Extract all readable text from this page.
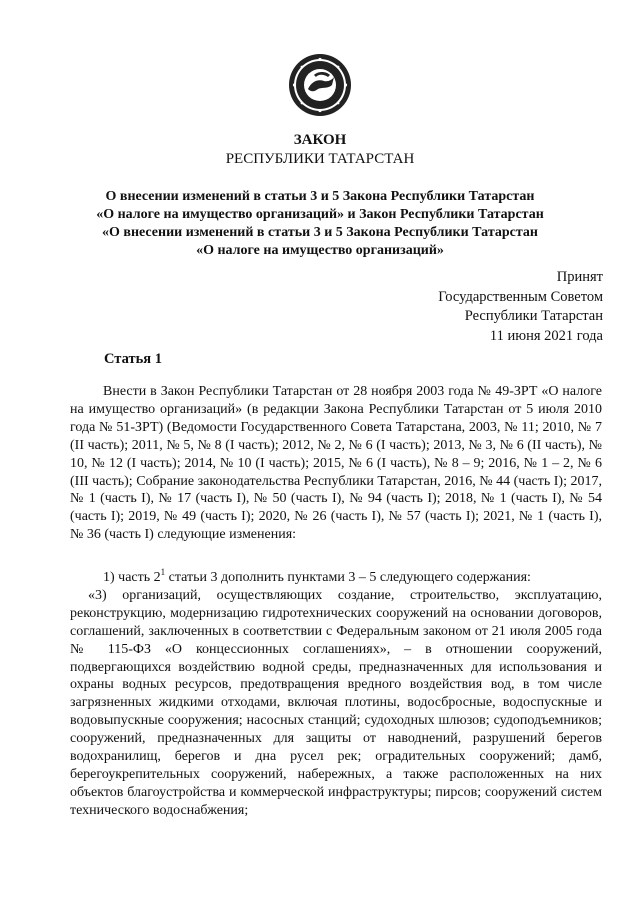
ЗАКОН
РЕСПУБЛИКИ ТАТАРСТАН
О внесении изменений в статьи 3 и 5 Закона Республики Татарстан
«О налоге на имущество организаций» и Закон Республики Татарстан
«О внесении изменений в статьи 3 и 5 Закона Республики Татарстан
«О налоге на имущество организаций»
Принят
Государственным Советом
Республики Татарстан
11 июня 2021 года
Статья 1

Внести в Закон Республики Татарстан от 28 ноября 2003 года № 49-ЗРТ «О налоге на имущество организаций» (в редакции Закона Республики Татарстан от 5 июля 2010 года № 51-ЗРТ) (Ведомости Государственного Совета Татарстана, 2003, № 11; 2010, № 7 (II часть); 2011, № 5, № 8 (I часть); 2012, № 2, № 6 (I часть); 2013, № 3, № 6 (II часть), № 10, № 12 (I часть); 2014, № 10 (I часть); 2015, № 6 (I часть), № 8 – 9; 2016, № 1 – 2, № 6 (III часть); Собрание законодательства Республики Татарстан, 2016, № 44 (часть I); 2017, № 1 (часть I), № 17 (часть I), № 50 (часть I), № 94 (часть I); 2018, № 1 (часть I), № 54 (часть I); 2019, № 49 (часть I); 2020, № 26 (часть I), № 57 (часть I); 2021, № 1 (часть I), № 36 (часть I) следующие изменения:

1) часть $2^1$ статьи 3 дополнить пунктами 3 – 5 следующего содержания:

«3) организаций, осуществляющих создание, строительство, эксплуатацию, реконструкцию, модернизацию гидротехнических сооружений на основании договоров, соглашений, заключенных в соответствии с Федеральным законом от 21 июля 2005 года № 115-ФЗ «О концессионных соглашениях», – в отношении сооружений, подвергающихся воздействию водной среды, предназначенных для использования и охраны водных ресурсов, предотвращения вредного воздействия вод, в том числе загрязненных жидкими отходами, включая плотины, водосбросные, водоспускные и водовыпускные сооружения; насосных станций; судоходных шлюзов; судоподъемников; сооружений, предназначенных для защиты от наводнений, разрушений берегов водохранилищ, берегов и дна русел рек; оградительных сооружений; дамб, берегоукрепительных сооружений, набережных, а также расположенных на них объектов благоустройства и коммерческой инфраструктуры; пирсов; сооружений систем технического водоснабжения;
